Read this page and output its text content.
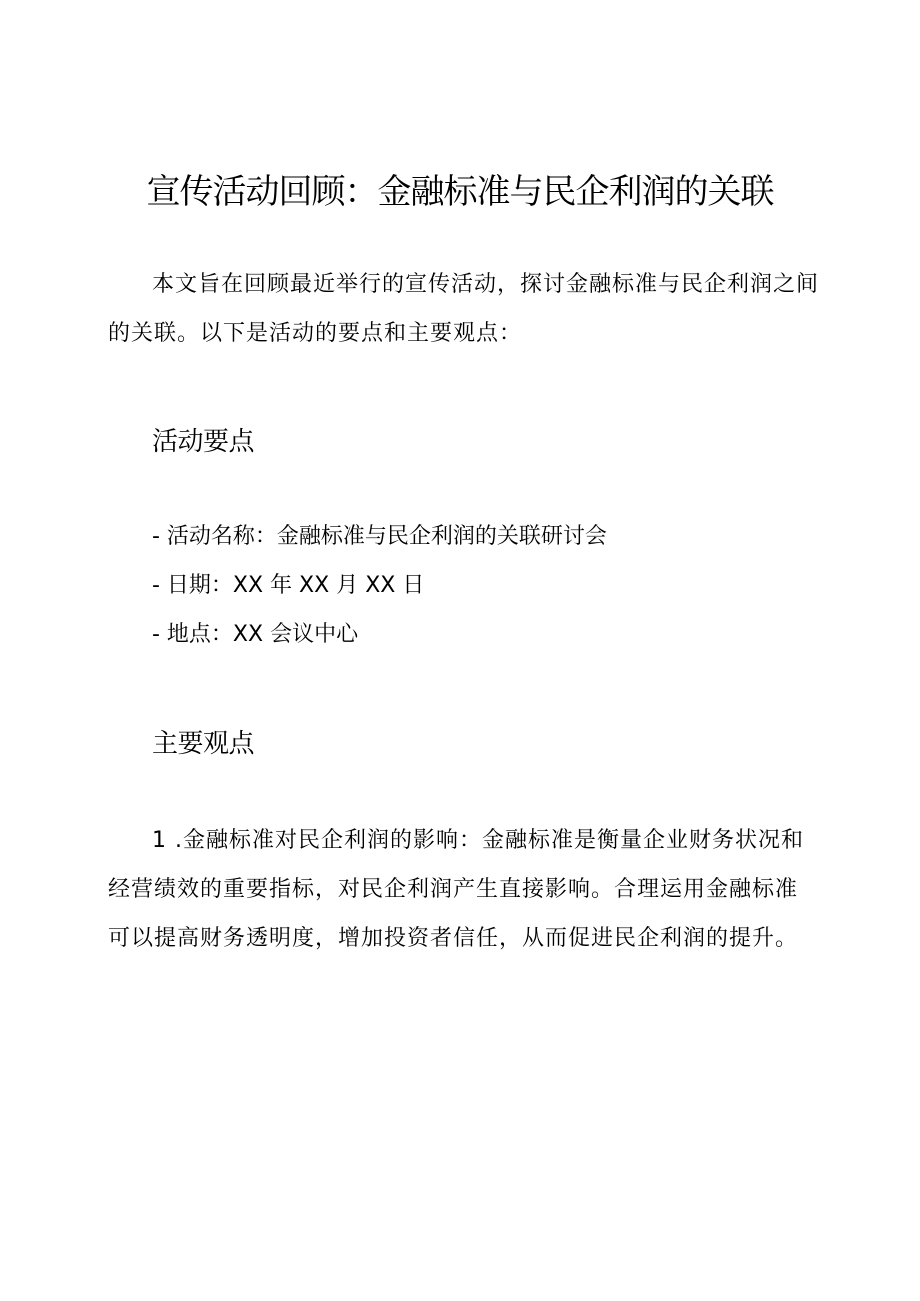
宣传活动回顾：金融标准与民企利润的关联

本文旨在回顾最近举行的宣传活动，探讨金融标准与民企利润之间的关联。以下是活动的要点和主要观点：

活动要点
- 活动名称：金融标准与民企利润的关联研讨会
- 日期：XX 年 XX 月 XX 日
- 地点：XX 会议中心
主要观点

1 .金融标准对民企利润的影响：金融标准是衡量企业财务状况和经营绩效的重要指标，对民企利润产生直接影响。合理运用金融标准可以提高财务透明度，增加投资者信任，从而促进民企利润的提升。
